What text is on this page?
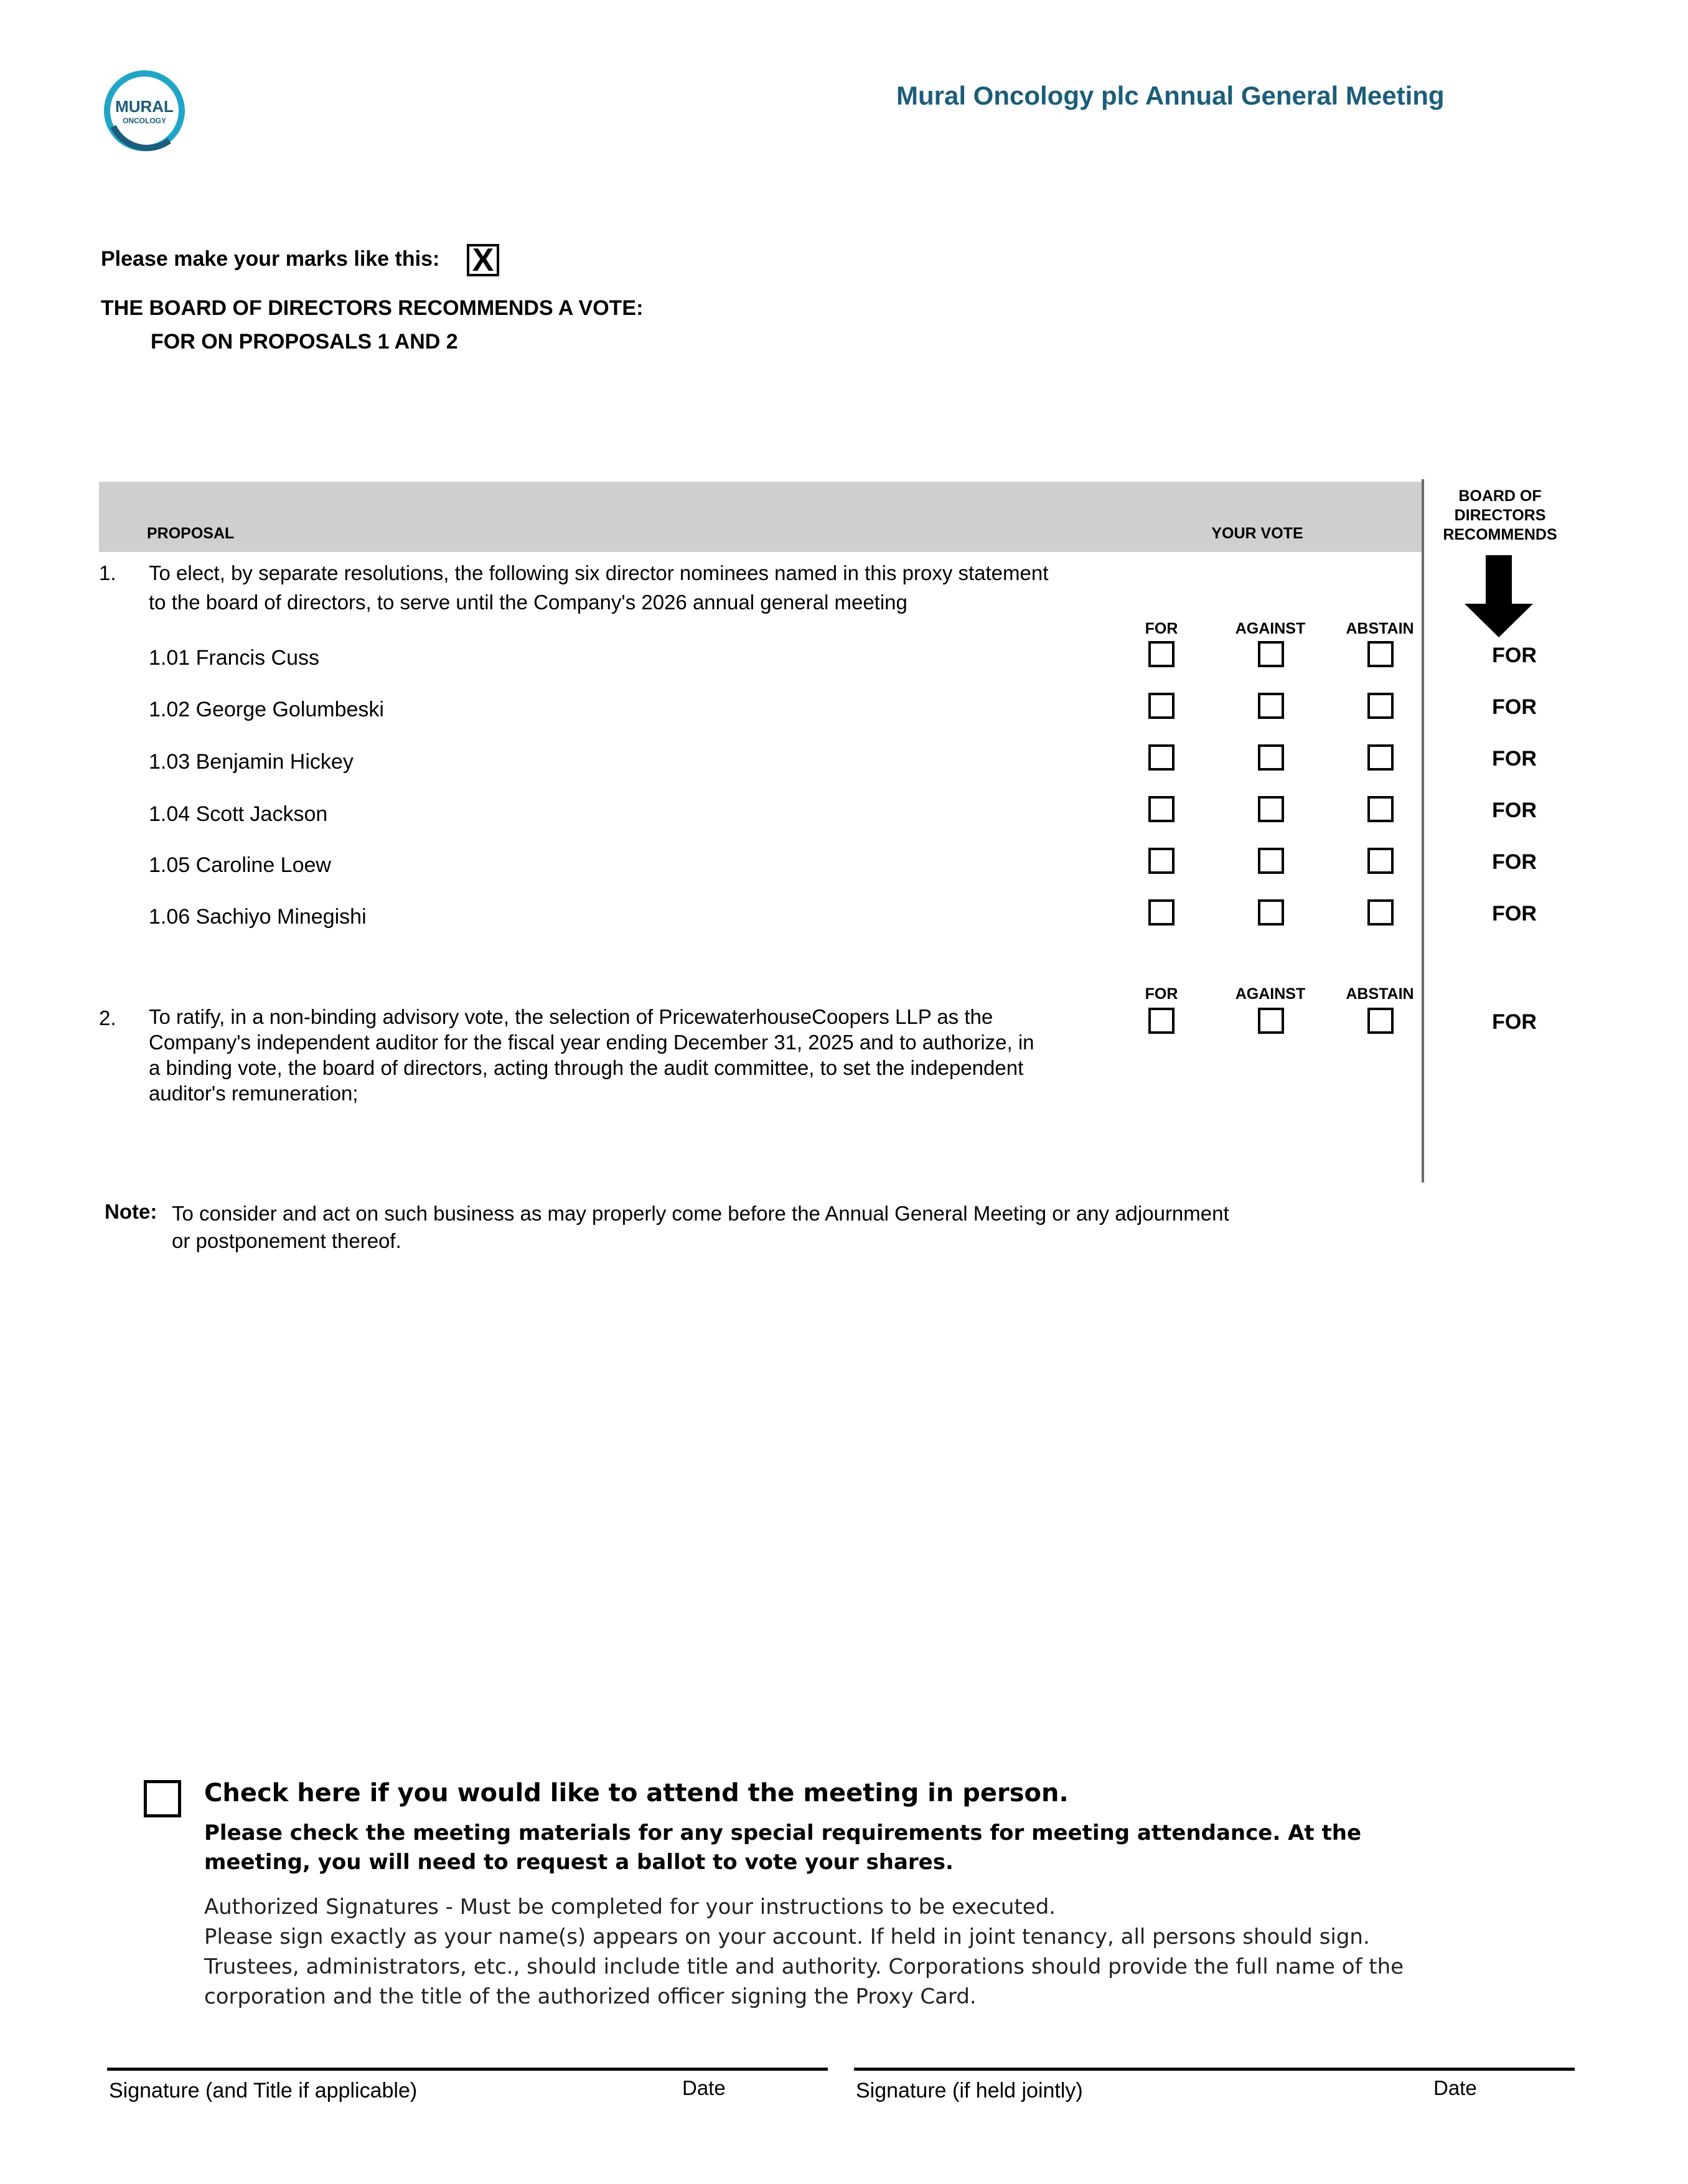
MURAL
ONCOLOGY
Mural Oncology plc Annual General Meeting
Please make your marks like this: X
THE BOARD OF DIRECTORS RECOMMENDS A VOTE:
FOR ON PROPOSALS 1 AND 2
PROPOSAL	YOUR VOTE
BOARD OF DIRECTORS RECOMMENDS
1. To elect, by separate resolutions, the following six director nominees named in this proxy statement
to the board of directors, to serve until the Company's 2026 annual general meeting
FOR	AGAINST	ABSTAIN
1.01 Francis Cuss	FOR
1.02 George Golumbeski	FOR
1.03 Benjamin Hickey	FOR
1.04 Scott Jackson	FOR
1.05 Caroline Loew	FOR
1.06 Sachiyo Minegishi	FOR
FOR	AGAINST	ABSTAIN
2. To ratify, in a non-binding advisory vote, the selection of PricewaterhouseCoopers LLP as the
Company's independent auditor for the fiscal year ending December 31, 2025 and to authorize, in
a binding vote, the board of directors, acting through the audit committee, to set the independent
auditor's remuneration;
FOR
Note: To consider and act on such business as may properly come before the Annual General Meeting or any adjournment
or postponement thereof.
Check here if you would like to attend the meeting in person.
Please check the meeting materials for any special requirements for meeting attendance. At the meeting, you will need to request a ballot to vote your shares.
Authorized Signatures - Must be completed for your instructions to be executed.
Please sign exactly as your name(s) appears on your account. If held in joint tenancy, all persons should sign. Trustees, administrators, etc., should include title and authority. Corporations should provide the full name of the corporation and the title of the authorized officer signing the Proxy Card.
Signature (and Title if applicable)	Date	Signature (if held jointly)	Date
